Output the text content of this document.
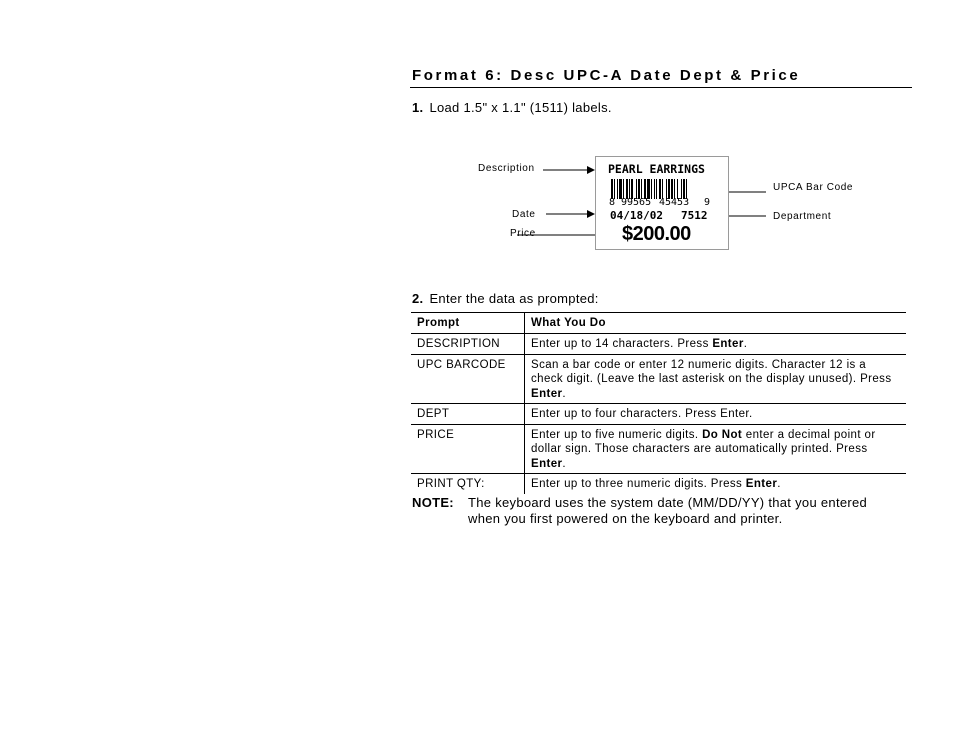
Format 6: Desc UPC-A Date Dept & Price
1. Load 1.5" x 1.1" (1511) labels.
Description
Date
Price
UPCA Bar Code
Department
PEARL EARRINGS
8 99565 45453 9
04/18/02 7512
$200.00
2. Enter the data as prompted:
Prompt	What You Do
DESCRIPTION	Enter up to 14 characters. Press Enter.
UPC BARCODE	Scan a bar code or enter 12 numeric digits. Character 12 is a check digit. (Leave the last asterisk on the display unused). Press Enter.
DEPT	Enter up to four characters. Press Enter.
PRICE	Enter up to five numeric digits. Do Not enter a decimal point or dollar sign. Those characters are automatically printed. Press Enter.
PRINT QTY:	Enter up to three numeric digits. Press Enter.
NOTE: The keyboard uses the system date (MM/DD/YY) that you entered when you first powered on the keyboard and printer.
